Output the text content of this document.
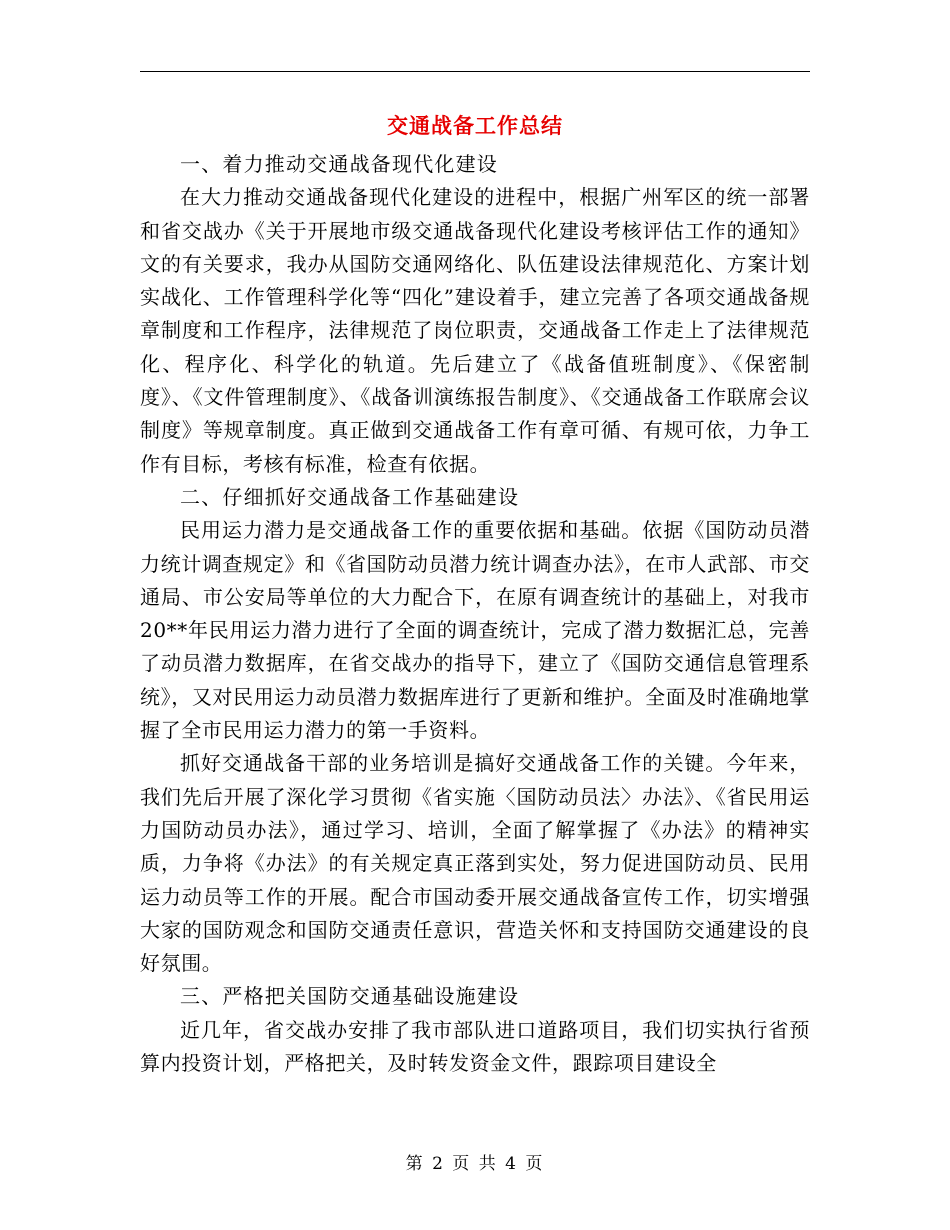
交通战备工作总结

一、着力推动交通战备现代化建设

在大力推动交通战备现代化建设的进程中，根据广州军区的统一部署和省交战办《关于开展地市级交通战备现代化建设考核评估工作的通知》文的有关要求，我办从国防交通网络化、队伍建设法律规范化、方案计划实战化、工作管理科学化等“四化”建设着手，建立完善了各项交通战备规章制度和工作程序，法律规范了岗位职责，交通战备工作走上了法律规范化、程序化、科学化的轨道。先后建立了《战备值班制度》、《保密制度》、《文件管理制度》、《战备训演练报告制度》、《交通战备工作联席会议制度》等规章制度。真正做到交通战备工作有章可循、有规可依，力争工作有目标，考核有标准，检查有依据。

二、仔细抓好交通战备工作基础建设

民用运力潜力是交通战备工作的重要依据和基础。依据《国防动员潜力统计调查规定》和《省国防动员潜力统计调查办法》，在市人武部、市交通局、市公安局等单位的大力配合下，在原有调查统计的基础上，对我市20**年民用运力潜力进行了全面的调查统计，完成了潜力数据汇总，完善了动员潜力数据库，在省交战办的指导下，建立了《国防交通信息管理系统》，又对民用运力动员潜力数据库进行了更新和维护。全面及时准确地掌握了全市民用运力潜力的第一手资料。

抓好交通战备干部的业务培训是搞好交通战备工作的关键。今年来，我们先后开展了深化学习贯彻《省实施〈国防动员法〉办法》、《省民用运力国防动员办法》，通过学习、培训，全面了解掌握了《办法》的精神实质，力争将《办法》的有关规定真正落到实处，努力促进国防动员、民用运力动员等工作的开展。配合市国动委开展交通战备宣传工作，切实增强大家的国防观念和国防交通责任意识，营造关怀和支持国防交通建设的良好氛围。

三、严格把关国防交通基础设施建设

近几年，省交战办安排了我市部队进口道路项目，我们切实执行省预算内投资计划，严格把关，及时转发资金文件，跟踪项目建设全

第 2 页 共 4 页
